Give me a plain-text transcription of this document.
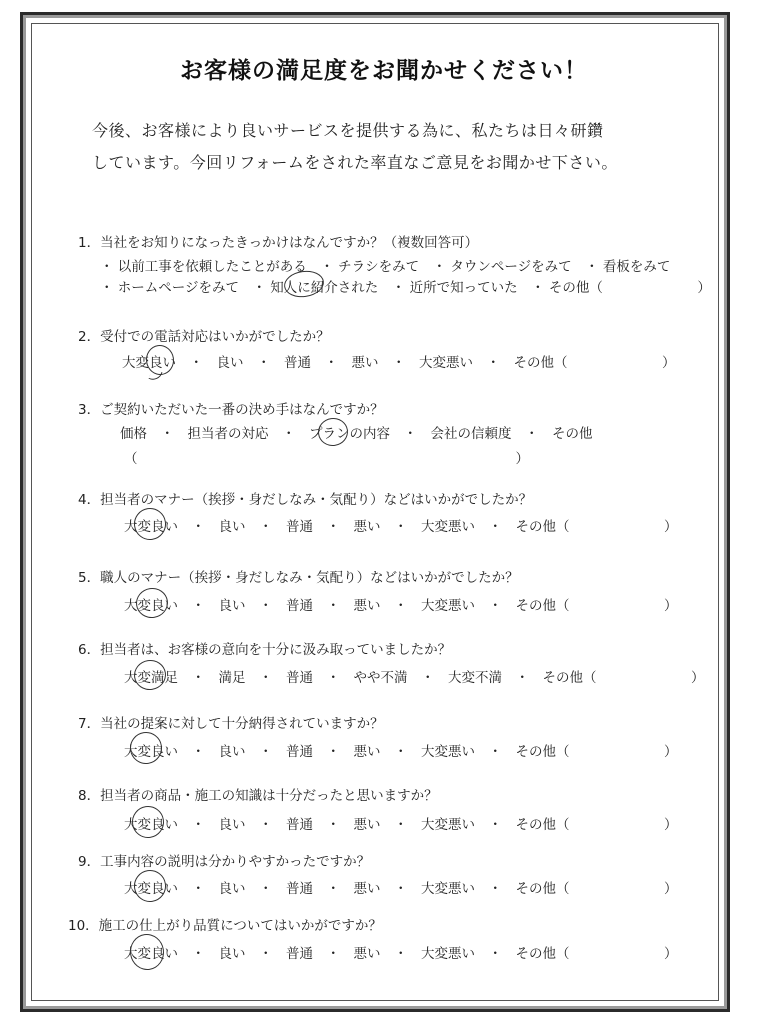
お客様の満足度をお聞かせください！
今後、お客様により良いサービスを提供する為に、私たちは日々研鑽
しています。今回リフォームをされた率直なご意見をお聞かせ下さい。
1．当社をお知りになったきっかけはなんですか？（複数回答可）
・ 以前工事を依頼したことがある　・ チラシをみて　・ タウンページをみて　・ 看板をみて
・ ホームページをみて　・ 知人に紹介された　・ 近所で知っていた　・ その他（　　　　　　　）
2．受付での電話対応はいかがでしたか？
大変良い　・　良い　・　普通　・　悪い　・　大変悪い　・　その他（　　　　　　　）
3．ご契約いただいた一番の決め手はなんですか？
価格　・　担当者の対応　・　プランの内容　・　会社の信頼度　・　その他
（　　　　　　　　　　　　　　　　　　　　　　　　　　　　）
4．担当者のマナー（挨拶・身だしなみ・気配り）などはいかがでしたか？
大変良い　・　良い　・　普通　・　悪い　・　大変悪い　・　その他（　　　　　　　）
5．職人のマナー（挨拶・身だしなみ・気配り）などはいかがでしたか？
大変良い　・　良い　・　普通　・　悪い　・　大変悪い　・　その他（　　　　　　　）
6．担当者は、お客様の意向を十分に汲み取っていましたか？
大変満足　・　満足　・　普通　・　やや不満　・　大変不満　・　その他（　　　　　　　）
7．当社の提案に対して十分納得されていますか？
大変良い　・　良い　・　普通　・　悪い　・　大変悪い　・　その他（　　　　　　　）
8．担当者の商品・施工の知識は十分だったと思いますか？
大変良い　・　良い　・　普通　・　悪い　・　大変悪い　・　その他（　　　　　　　）
9．工事内容の説明は分かりやすかったですか？
大変良い　・　良い　・　普通　・　悪い　・　大変悪い　・　その他（　　　　　　　）
10．施工の仕上がり品質についてはいかがですか？
大変良い　・　良い　・　普通　・　悪い　・　大変悪い　・　その他（　　　　　　　）
